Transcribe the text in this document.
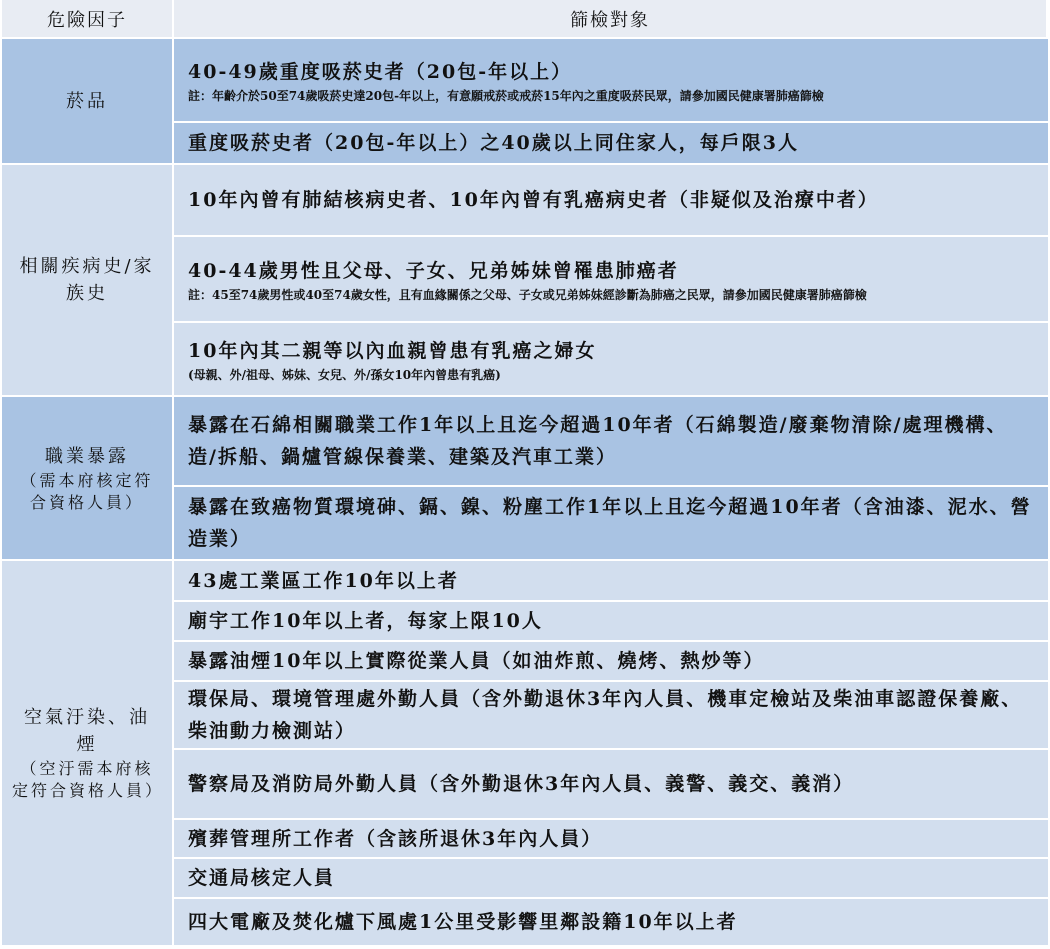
危險因子	篩檢對象
菸品
40-49歲重度吸菸史者（20包-年以上）
註：年齡介於50至74歲吸菸史達20包-年以上，有意願戒菸或戒菸15年內之重度吸菸民眾，請參加國民健康署肺癌篩檢
重度吸菸史者（20包-年以上）之40歲以上同住家人，每戶限3人
相關疾病史/家族史
10年內曾有肺結核病史者、10年內曾有乳癌病史者（非疑似及治療中者）
40-44歲男性且父母、子女、兄弟姊妹曾罹患肺癌者
註：45至74歲男性或40至74歲女性，且有血緣關係之父母、子女或兄弟姊妹經診斷為肺癌之民眾，請參加國民健康署肺癌篩檢
10年內其二親等以內血親曾患有乳癌之婦女
(母親、外/祖母、姊妹、女兒、外/孫女10年內曾患有乳癌)
職業暴露
（需本府核定符合資格人員）
暴露在石綿相關職業工作1年以上且迄今超過10年者（石綿製造/廢棄物清除/處理機構、造/拆船、鍋爐管線保養業、建築及汽車工業）
暴露在致癌物質環境砷、鎘、鎳、粉塵工作1年以上且迄今超過10年者（含油漆、泥水、營造業）
空氣汙染、油煙
（空汙需本府核定符合資格人員）
43處工業區工作10年以上者
廟宇工作10年以上者，每家上限10人
暴露油煙10年以上實際從業人員（如油炸煎、燒烤、熱炒等）
環保局、環境管理處外勤人員（含外勤退休3年內人員、機車定檢站及柴油車認證保養廠、柴油動力檢測站）
警察局及消防局外勤人員（含外勤退休3年內人員、義警、義交、義消）
殯葬管理所工作者（含該所退休3年內人員）
交通局核定人員
四大電廠及焚化爐下風處1公里受影響里鄰設籍10年以上者
